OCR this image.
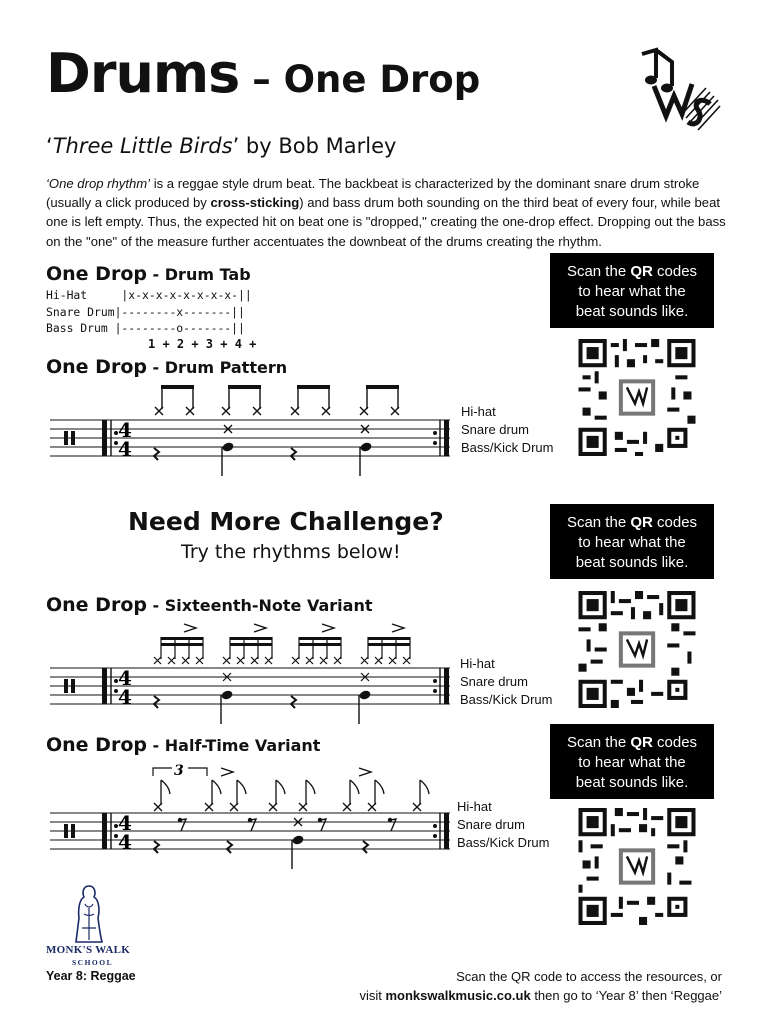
Drums – One Drop
‘Three Little Birds’ by Bob Marley
‘One drop rhythm’ is a reggae style drum beat. The backbeat is characterized by the dominant snare drum stroke (usually a click produced by cross-sticking) and bass drum both sounding on the third beat of every four, while beat one is left empty. Thus, the expected hit on beat one is "dropped," creating the one-drop effect. Dropping out the bass on the "one" of the measure further accentuates the downbeat of the drums creating the rhythm.
One Drop - Drum Tab
Hi-Hat     |x-x-x-x-x-x-x-x-||
Snare Drum|--------x-------||
Bass Drum |--------o-------||
1 + 2 + 3 + 4 +
One Drop - Drum Pattern
4
4
Hi-hat
Snare drum
Bass/Kick Drum
Scan the QR codes
to hear what the
beat sounds like.
Need More Challenge?
Try the rhythms below!
Scan the QR codes
to hear what the
beat sounds like.
One Drop - Sixteenth-Note Variant
4
4
Hi-hat
Snare drum
Bass/Kick Drum
Scan the QR codes
to hear what the
beat sounds like.
One Drop - Half-Time Variant
4
4
3
Hi-hat
Snare drum
Bass/Kick Drum
MONK'S WALK
SCHOOL
Year 8: Reggae	Scan the QR code to access the resources, or
visit monkswalkmusic.co.uk then go to ‘Year 8’ then ‘Reggae’
